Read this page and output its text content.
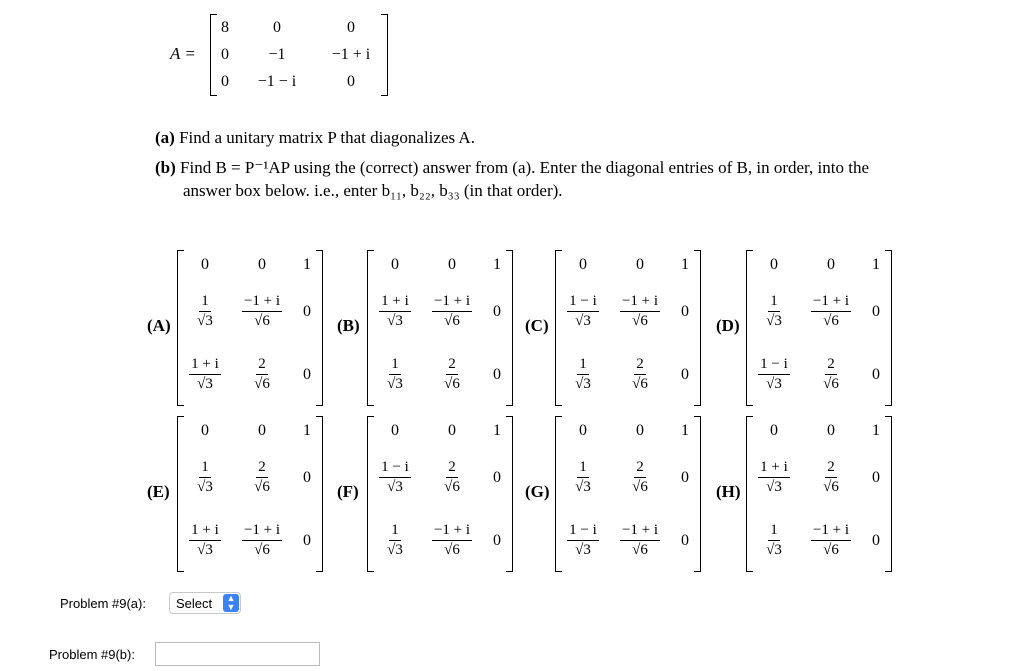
A =
8	0	0
0 −1	−1 + i
0 −1 − i	0
(a) Find a unitary matrix P that diagonalizes A.
(b) Find B = P⁻¹AP using the (correct) answer from (a). Enter the diagonal entries of B, in order, into the
answer box below. i.e., enter b₁₁, b₂₂, b₃₃ (in that order).
(A)
0	0 1
$\frac{1}{√3} \frac{-1 + i}{√6} 0$
$\frac{1 + i}{√3} \frac{2}{√6} 0$
(B)
0	0 1
$\frac{1 + i}{√3} \frac{-1 + i}{√6} 0$
$\frac{1}{√3}$	$\frac{2}{√6} 0$
(C)
0	0 1
$\frac{1 - i}{√3} \frac{-1 + i}{√6} 0$
$\frac{1}{√3}$	$\frac{2}{√6} 0$
(D)
0	0 1
$\frac{1}{√3} \frac{-1 + i}{√6} 0$
$\frac{1 - i}{√3} \frac{2}{√6} 0$
(E)
0	0 1
$\frac{1}{√3}$	$\frac{2}{√6} 0$
$\frac{1 + i}{√3} \frac{-1 + i}{√6} 0$
(F)
0	0 1
$\frac{1 - i}{√3} \frac{2}{√6} 0$
$\frac{1}{√3} \frac{-1 + i}{√6} 0$
(G)
0	0 1
$\frac{1}{√3}$	$\frac{2}{√6} 0$
$\frac{1 - i}{√3} \frac{-1 + i}{√6} 0$
(H)
0	0 1
$\frac{1 + i}{√3} \frac{2}{√6} 0$
$\frac{1}{√3} \frac{-1 + i}{√6} 0$
Problem #9(a): Select ▲
▼
Problem #9(b):
